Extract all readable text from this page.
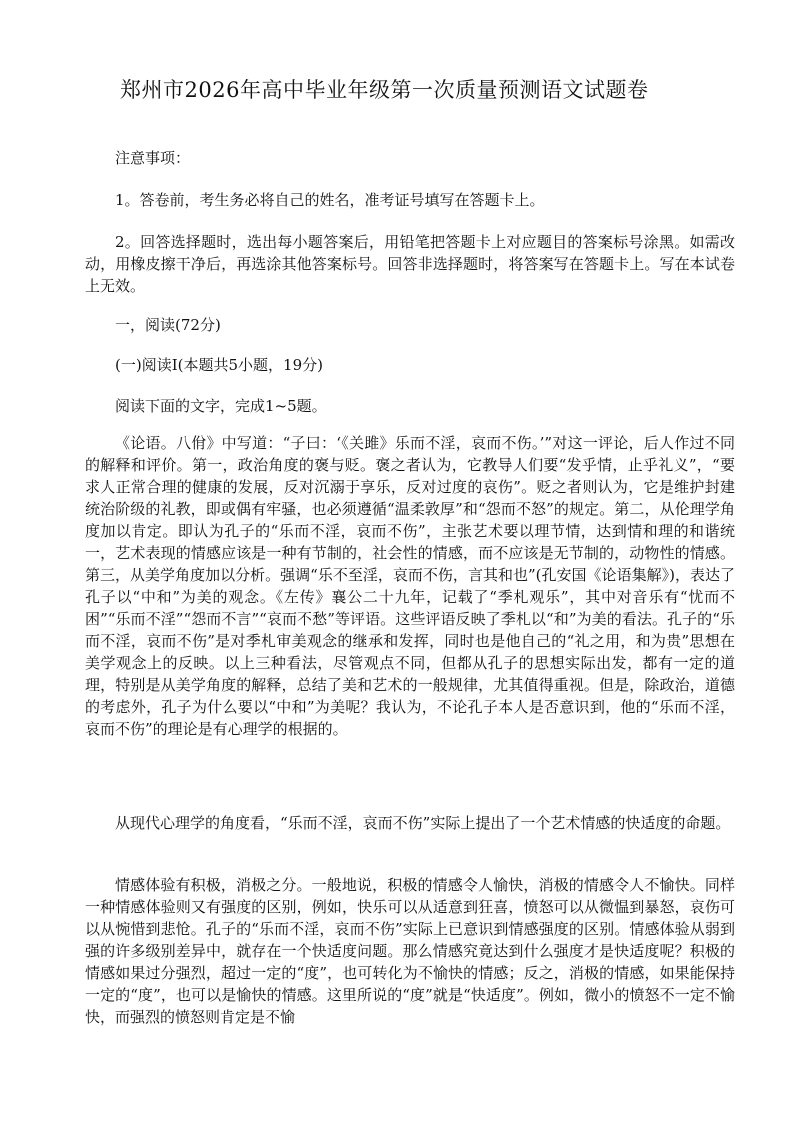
郑州市2026年高中毕业年级第一次质量预测语文试题卷
注意事项：
1。答卷前，考生务必将自己的姓名，准考证号填写在答题卡上。
2。回答选择题时，选出每小题答案后，用铅笔把答题卡上对应题目的答案标号涂黑。如需改动，用橡皮擦干净后，再选涂其他答案标号。回答非选择题时，将答案写在答题卡上。写在本试卷上无效。
一，阅读(72分)
(一)阅读Ⅰ(本题共5小题，19分)
阅读下面的文字，完成1~5题。
《论语。八佾》中写道：“子曰：‘《关雎》乐而不淫，哀而不伤。’”对这一评论，后人作过不同的解释和评价。第一，政治角度的褒与贬。褒之者认为，它教导人们要“发乎情，止乎礼义”，“要求人正常合理的健康的发展，反对沉溺于享乐，反对过度的哀伤”。贬之者则认为，它是维护封建统治阶级的礼教，即或偶有牢骚，也必须遵循“温柔敦厚”和“怨而不怒”的规定。第二，从伦理学角度加以肯定。即认为孔子的“乐而不淫，哀而不伤”，主张艺术要以理节情，达到情和理的和谐统一，艺术表现的情感应该是一种有节制的，社会性的情感，而不应该是无节制的，动物性的情感。第三，从美学角度加以分析。强调“乐不至淫，哀而不伤，言其和也”(孔安国《论语集解》)，表达了孔子以“中和”为美的观念。《左传》襄公二十九年，记载了“季札观乐”，其中对音乐有“忧而不困”“乐而不淫”“怨而不言”“哀而不愁”等评语。这些评语反映了季札以“和”为美的看法。孔子的“乐而不淫，哀而不伤”是对季札审美观念的继承和发挥，同时也是他自己的“礼之用，和为贵”思想在美学观念上的反映。以上三种看法，尽管观点不同，但都从孔子的思想实际出发，都有一定的道理，特别是从美学角度的解释，总结了美和艺术的一般规律，尤其值得重视。但是，除政治，道德的考虑外，孔子为什么要以“中和”为美呢？我认为，不论孔子本人是否意识到，他的“乐而不淫，哀而不伤”的理论是有心理学的根据的。
从现代心理学的角度看，“乐而不淫，哀而不伤”实际上提出了一个艺术情感的快适度的命题。
情感体验有积极，消极之分。一般地说，积极的情感令人愉快，消极的情感令人不愉快。同样一种情感体验则又有强度的区别，例如，快乐可以从适意到狂喜，愤怒可以从微愠到暴怒，哀伤可以从惋惜到悲怆。孔子的“乐而不淫，哀而不伤”实际上已意识到情感强度的区别。情感体验从弱到强的许多级别差异中，就存在一个快适度问题。那么情感究竟达到什么强度才是快适度呢？积极的情感如果过分强烈，超过一定的“度”，也可转化为不愉快的情感；反之，消极的情感，如果能保持一定的“度”，也可以是愉快的情感。这里所说的“度”就是“快适度”。例如，微小的愤怒不一定不愉快，而强烈的愤怒则肯定是不愉
